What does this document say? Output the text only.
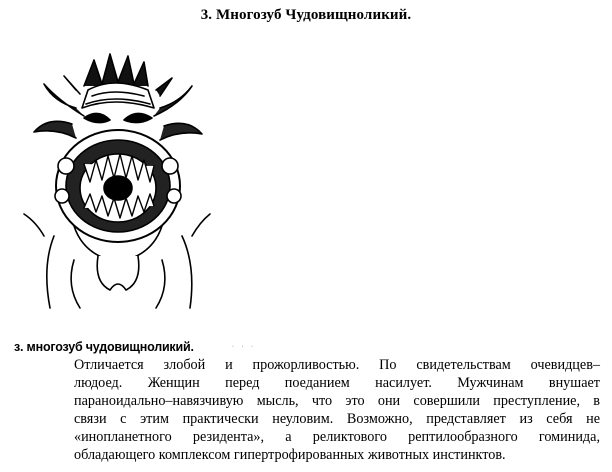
3. Многозуб Чудовищноликий.
з. многозуб чудовищноликий.	· · ·
Отличается злобой и прожорливостью. По свидетельствам очевидцев–
людоед. Женщин перед поеданием насилует. Мужчинам внушает
параноидально–навязчивую мысль, что это они совершили преступление, в
связи с этим практически неуловим. Возможно, представляет из себя не
«инопланетного резидента», а реликтового рептилообразного гоминида,
обладающего комплексом гипертрофированных животных инстинктов.
